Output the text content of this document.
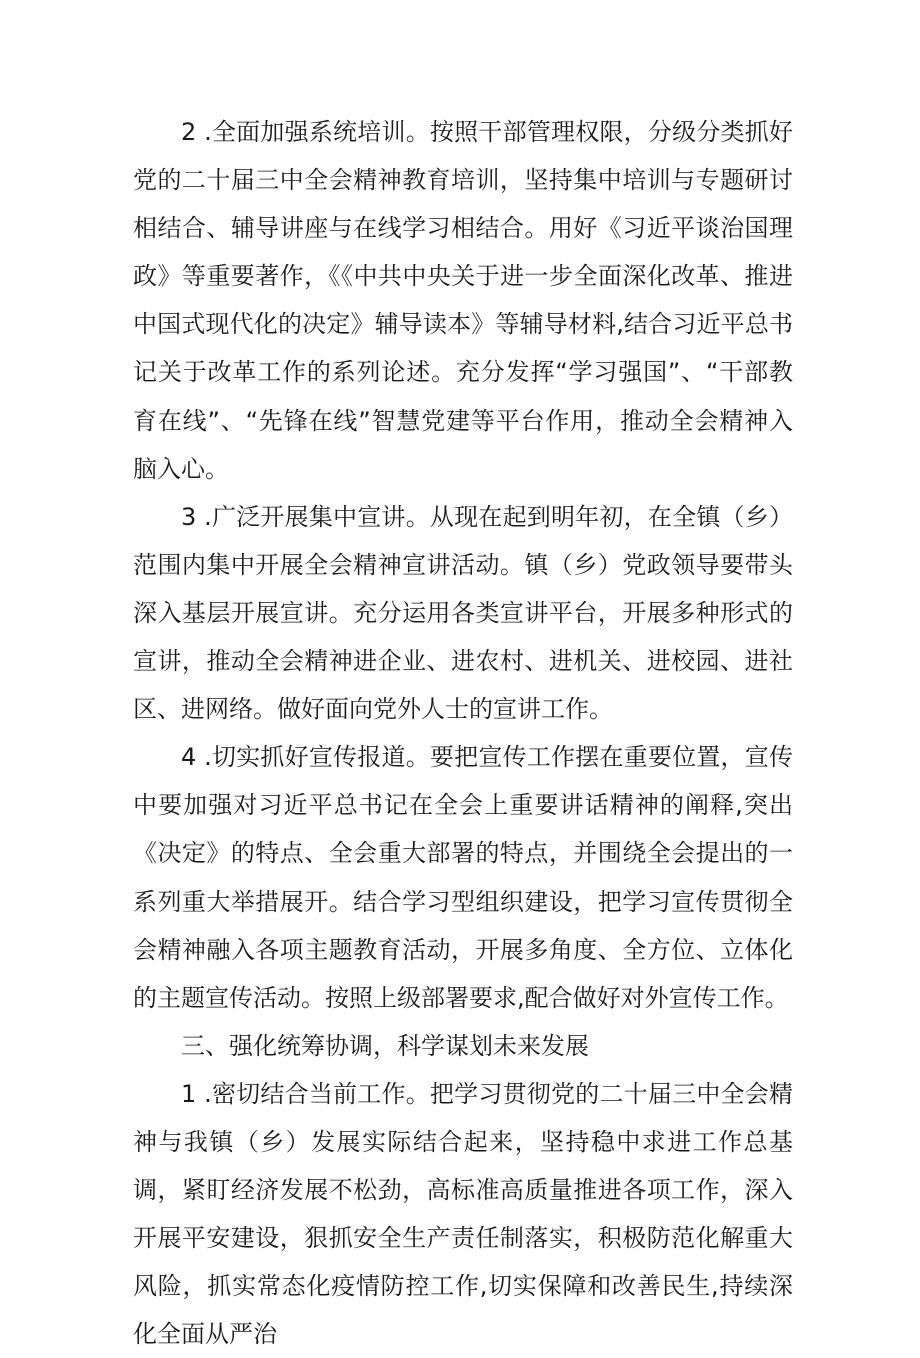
2 .全面加强系统培训。按照干部管理权限，分级分类抓好党的二十届三中全会精神教育培训，坚持集中培训与专题研讨相结合、辅导讲座与在线学习相结合。用好《习近平谈治国理政》等重要著作，《《中共中央关于进一步全面深化改革、推进中国式现代化的决定》辅导读本》等辅导材料,结合习近平总书记关于改革工作的系列论述。充分发挥“学习强国”、“干部教育在线”、“先锋在线”智慧党建等平台作用，推动全会精神入脑入心。

3 .广泛开展集中宣讲。从现在起到明年初，在全镇（乡）范围内集中开展全会精神宣讲活动。镇（乡）党政领导要带头深入基层开展宣讲。充分运用各类宣讲平台，开展多种形式的宣讲，推动全会精神进企业、进农村、进机关、进校园、进社区、进网络。做好面向党外人士的宣讲工作。

4 .切实抓好宣传报道。要把宣传工作摆在重要位置，宣传中要加强对习近平总书记在全会上重要讲话精神的阐释,突出《决定》的特点、全会重大部署的特点，并围绕全会提出的一系列重大举措展开。结合学习型组织建设，把学习宣传贯彻全会精神融入各项主题教育活动，开展多角度、全方位、立体化的主题宣传活动。按照上级部署要求,配合做好对外宣传工作。

三、强化统筹协调，科学谋划未来发展

1 .密切结合当前工作。把学习贯彻党的二十届三中全会精神与我镇（乡）发展实际结合起来，坚持稳中求进工作总基调，紧盯经济发展不松劲，高标准高质量推进各项工作，深入开展平安建设，狠抓安全生产责任制落实，积极防范化解重大风险，抓实常态化疫情防控工作,切实保障和改善民生,持续深化全面从严治
